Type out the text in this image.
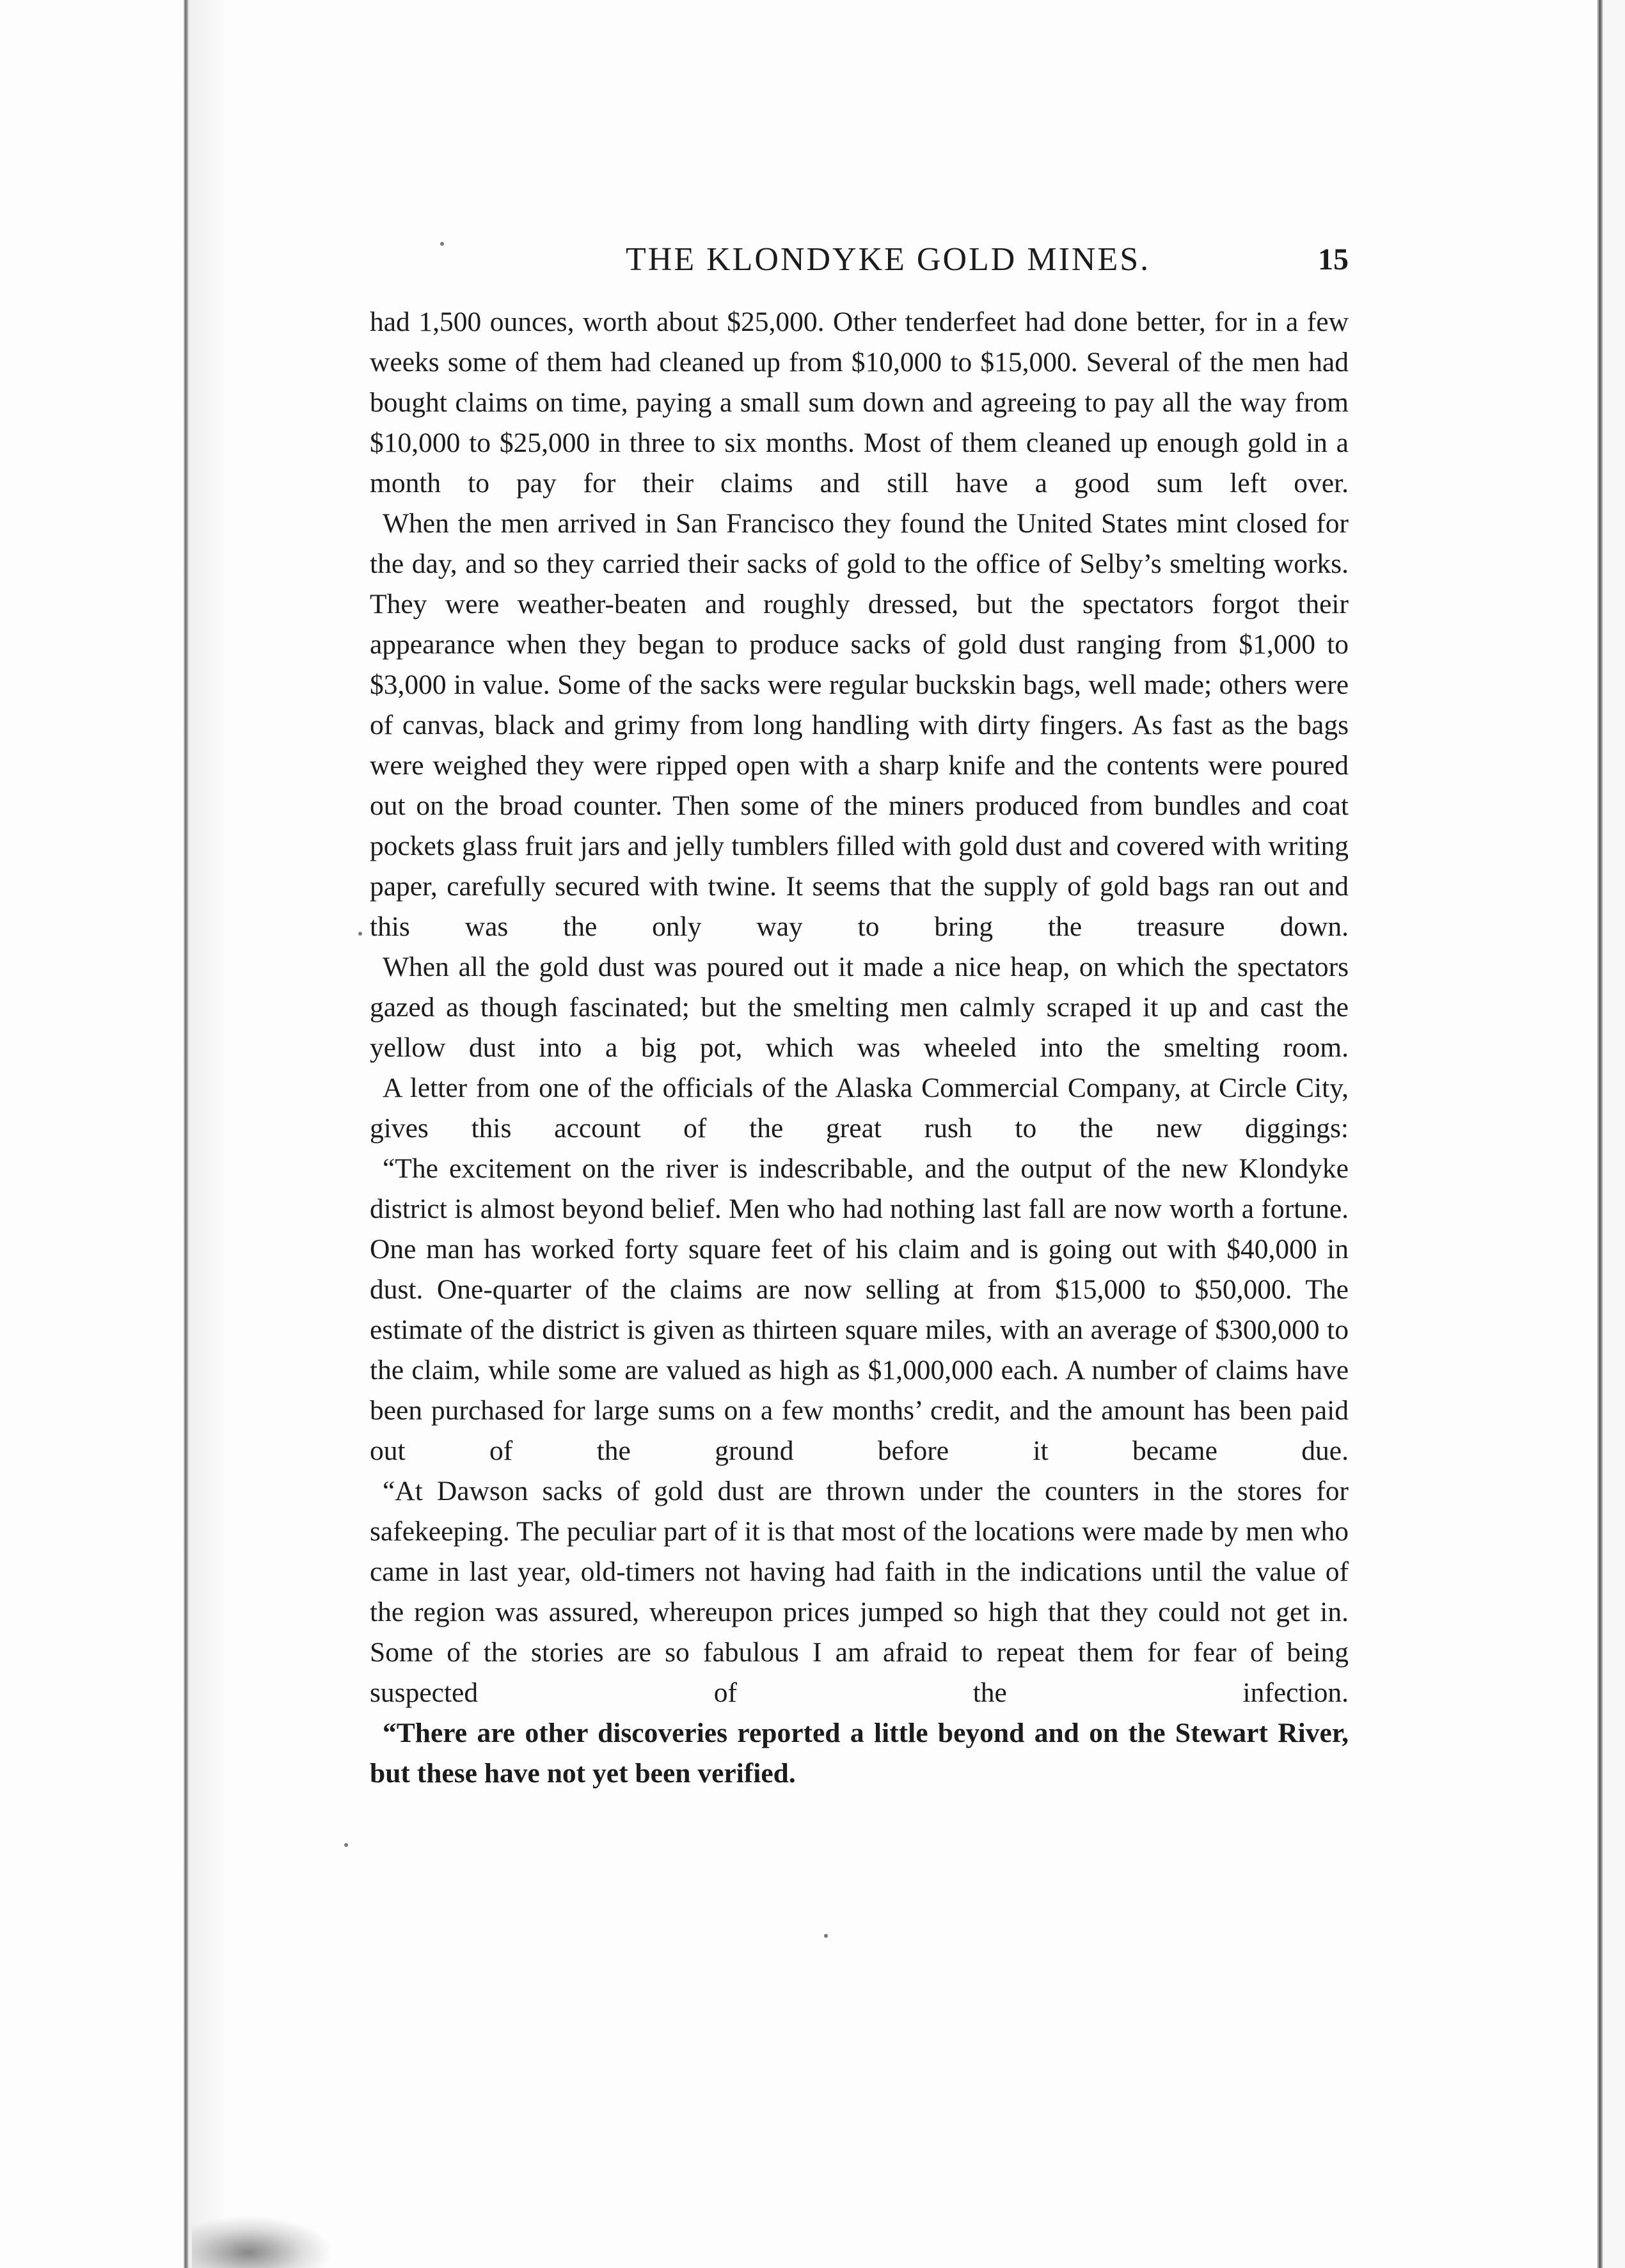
THE KLONDYKE GOLD MINES.	15

had 1,500 ounces, worth about $25,000. Other tenderfeet had done better, for in a few weeks some of them had cleaned up from $10,000 to $15,000. Several of the men had bought claims on time, paying a small sum down and agreeing to pay all the way from $10,000 to $25,000 in three to six months. Most of them cleaned up enough gold in a month to pay for their claims and still have a good sum left over.

When the men arrived in San Francisco they found the United States mint closed for the day, and so they carried their sacks of gold to the office of Selby’s smelting works. They were weather-beaten and roughly dressed, but the spectators forgot their appearance when they began to produce sacks of gold dust ranging from $1,000 to $3,000 in value. Some of the sacks were regular buckskin bags, well made; others were of canvas, black and grimy from long handling with dirty fingers. As fast as the bags were weighed they were ripped open with a sharp knife and the contents were poured out on the broad counter. Then some of the miners produced from bundles and coat pockets glass fruit jars and jelly tumblers filled with gold dust and covered with writing paper, carefully secured with twine. It seems that the supply of gold bags ran out and this was the only way to bring the treasure down.

When all the gold dust was poured out it made a nice heap, on which the spectators gazed as though fascinated; but the smelting men calmly scraped it up and cast the yellow dust into a big pot, which was wheeled into the smelting room.

A letter from one of the officials of the Alaska Commercial Company, at Circle City, gives this account of the great rush to the new diggings:

“The excitement on the river is indescribable, and the output of the new Klondyke district is almost beyond belief. Men who had nothing last fall are now worth a fortune. One man has worked forty square feet of his claim and is going out with $40,000 in dust. One-quarter of the claims are now selling at from $15,000 to $50,000. The estimate of the district is given as thirteen square miles, with an average of $300,000 to the claim, while some are valued as high as $1,000,000 each. A number of claims have been purchased for large sums on a few months’ credit, and the amount has been paid out of the ground before it became due.

“At Dawson sacks of gold dust are thrown under the counters in the stores for safekeeping. The peculiar part of it is that most of the locations were made by men who came in last year, old-timers not having had faith in the indications until the value of the region was assured, whereupon prices jumped so high that they could not get in. Some of the stories are so fabulous I am afraid to repeat them for fear of being suspected of the infection.

“There are other discoveries reported a little beyond and on the Stewart River, but these have not yet been verified.
